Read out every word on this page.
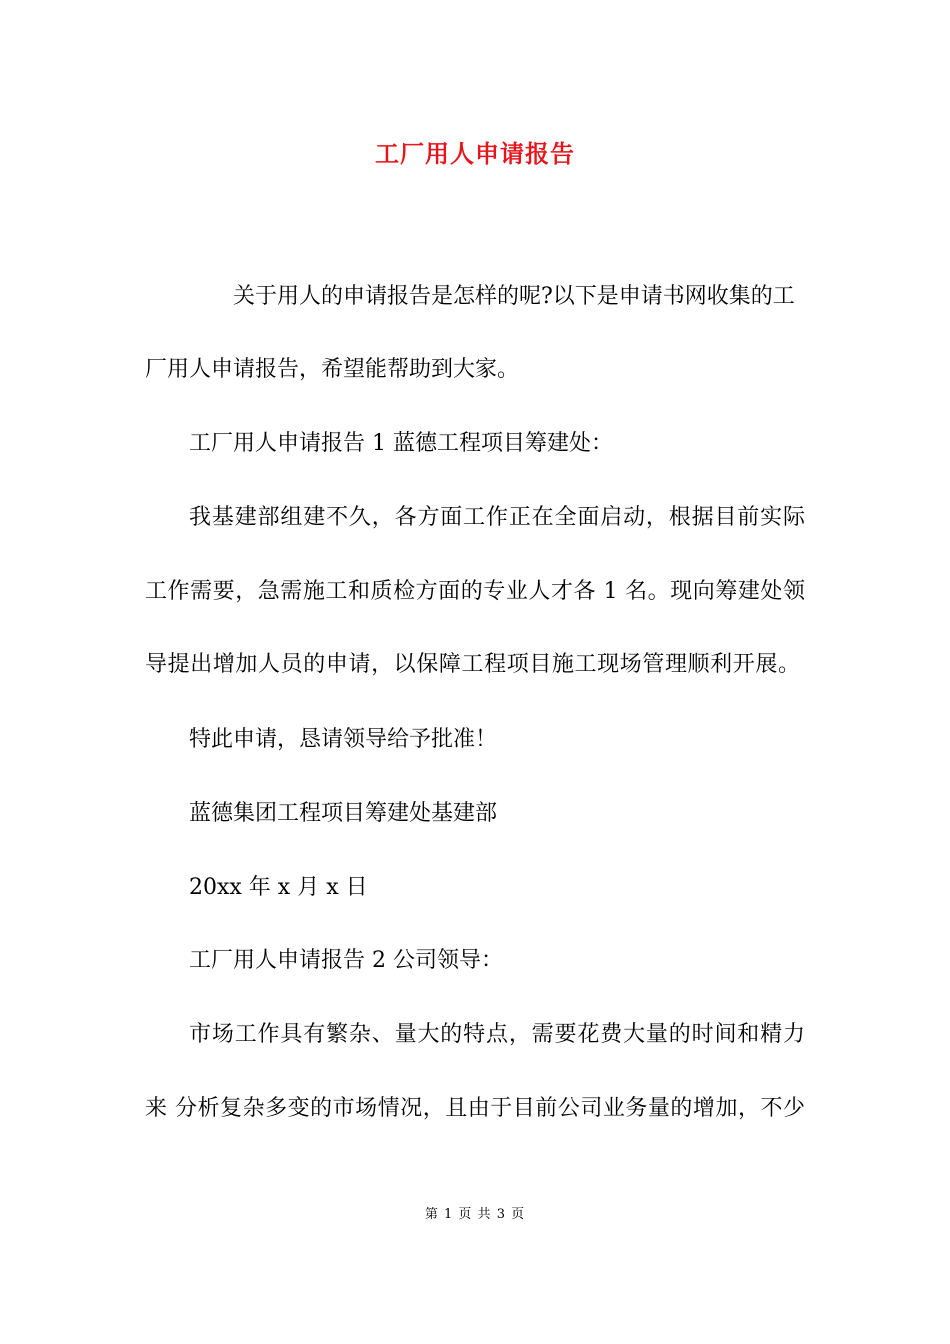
工厂用人申请报告

关于用人的申请报告是怎样的呢?以下是申请书网收集的工

厂用人申请报告，希望能帮助到大家。

工厂用人申请报告 1 蓝德工程项目筹建处：

我基建部组建不久，各方面工作正在全面启动，根据目前实际

工作需要，急需施工和质检方面的专业人才各 1 名。现向筹建处领

导提出增加人员的申请，以保障工程项目施工现场管理顺利开展。

特此申请，恳请领导给予批准！

蓝德集团工程项目筹建处基建部

20xx 年 x 月 x 日

工厂用人申请报告 2 公司领导：

市场工作具有繁杂、量大的特点，需要花费大量的时间和精力

来 分析复杂多变的市场情况，且由于目前公司业务量的增加，不少

第 1 页 共 3 页
